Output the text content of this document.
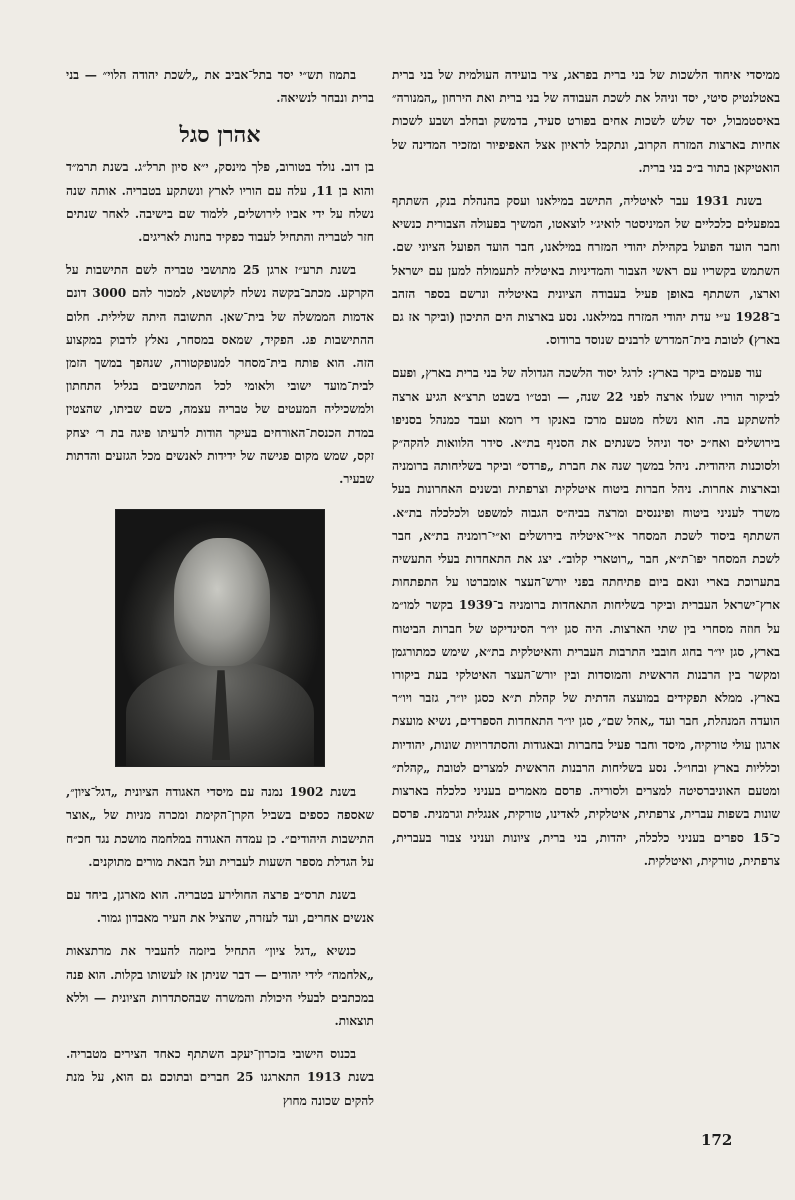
ממיסדי איחוד הלשכות של בני ברית בפראג, ציר בועידה העולמית של בני ברית באטלנטיק סיטי, יסד וניהל את לשכת העבודה של בני ברית ואת הירחון „המנורה״ באיסטמבול, יסד שלש לשכות אחים בפורט סעיד, בדמשק ובחלב ושבע לשכות אחיות בארצות המזרח הקרוב, ונתקבל לראיון אצל האפיפיור ומזכיר המדינה של הואטיקאן בתור ב״כ בני ברית.

בשנת 1931 עבר לאיטליה, התישב במילאנו ועסק בהנהלת בנק, השתתף במפעלים כלכליים של המיניסטר לואיג׳י לוצאטו, המשיך בפעולה הצבורית כנשיא וחבר הועד הפועל בקהילת יהודי המזרח במילאנו, חבר הועד הפועל הציוני שם. השתמש בקשריו עם ראשי הצבור והמדיניות באיטליה לתעמולה למען עם ישראל וארצו, השתתף באופן פעיל בעבודה הציונית באיטליה ונרשם בספר הזהב ב־1928 ע״י עדת יהודי המזרח במילאנו. נסע בארצות הים התיכון (וביקר אז גם בארץ) לטובת בית־המדרש לרבנים שנוסד ברודוס.

עוד פעמים ביקר בארץ: לרגל יסוד הלשכה הגדולה של בני ברית בארץ, ופעם לביקור הוריו שעלו ארצה לפני 22 שנה, — ובט״ו בשבט תרצ״א הגיע ארצה להשתקע בה. הוא נשלח מטעם מרכז באנקו די רומא ועבד כמנהל בסניפו בירושלים ואח״כ יסד וניהל כשנתים את הסניף בת״א. סידר הלוואות להקה״ק ולסוכנות היהודית. ניהל במשך שנה את חברת „פרדס״ וביקר בשליחותה ברומניה ובארצות אחרות. ניהל חברות ביטוח איטלקית וצרפתית ובשנים האחרונות בעל משרד לעניני ביטוח ופיננסים ומרצה בביה״ס הגבוה למשפט ולכלכלה בת״א. השתתף ביסוד לשכת המסחר א״י־איטליה בירושלים וא״י־רומניה בת״א, חבר לשכת המסחר יפו־ת״א, חבר „רוטארי קלוב״. יצג את התאחדות בעלי התעשיה בתערוכת בארי ונאם ביום פתיחתה בפני יורש־העצר אומברטו על התפתחות ארץ־ישראל העברית וביקר בשליחות התאחדות ברומניה ב־1939 בקשר למו״מ על חוזה מסחרי בין שתי הארצות. היה סגן יו״ר הסינדיקט של חברות הביטוח בארץ, סגן יו״ר בחוג חובבי התרבות העברית והאיטלקית בת״א, שימש כמתורגמן ומקשר בין הרבנות הראשית והמוסדות ובין יורש־העצר האיטלקי בעת ביקורו בארץ. ממלא תפקידים במועצה הדתית של קהלת ת״א כסגן יו״ר, גזבר ויו״ר הועדה המנהלת, חבר ועד „אהל שם״, סגן יו״ר התאחדות הספרדים, נשיא מועצת ארגון עולי טורקיה, מיסד וחבר פעיל בחברות ובאגודות והסתדרויות שונות, יהודיות וכלליות בארץ ובחו״ל. נסע בשליחות הרבנות הראשית למצרים לטובת „קהלת״ ומטעם האוניברסיטה למצרים ולסוריה. פרסם מאמרים בעניני כלכלה בארצות שונות בשפות עברית, צרפתית, איטלקית, לאדינו, טורקית, אנגלית וגרמנית. פרסם כ־15 ספרים בעניני כלכלה, יהדות, בני ברית, ציונות ועניני צבור בעברית, צרפתית, טורקית, ואיטלקית.

בתמוז תש״י יסד בתל־אביב את „לשכת יהודה הלוי״ — בני ברית ונבחר לנשיאה.

אהרן סגל

בן דוב. נולד בטורוב, פלך מינסק, י״א סיון תרל״ג. בשנת תרמ״ד והוא בן 11, עלה עם הוריו לארץ ונשתקע בטבריה. אותה שנה נשלח על ידי אביו לירושלים, ללמוד שם בישיבה. לאחר שנתים חזר לטבריה והתחיל לעבוד כפקיד בחנות לאריגים.

בשנת תרע״ז ארגן 25 מתושבי טבריה לשם התישבות על הקרקע. מכתב־בקשה נשלח לקושטא, למכור להם 3000 דונם אדמות הממשלה של בית־שאן. התשובה היתה שלילית. חלום ההתישבות פג. הפקיד, שמאס במסחר, נאלץ לדבוק במקצוע הזה. הוא פותח בית־מסחר למנופקטורה, שנהפך במשך הזמן לבית־מועד ישובי ולאומי לכל המתישבים בגליל התחתון ולמשכיליה המעטים של טבריה עצמה, כשם שביתו, שהצטין במדת הכנסת־האורחים בעיקר הודות לרעיתו פיגה בת ר׳ יצחק זקס, שמש מקום פגישה של ידידות לאנשים מכל הגזעים והדתות שבעיר.

בשנת 1902 נמנה עם מיסדי האגודה הציונית „דגל־ציון״, שאספה כספים בשביל הקרן־הקימת ומכרה מניות של „אוצר התישבות היהודים״. כן עמדה האגודה במלחמה מושכת נגד חכ״ח על הגדלת מספר השעות לעברית ועל הבאת מורים מתוקנים.

בשנת תרס״ב פרצה החולירע בטבריה. הוא מארגן, ביחד עם אנשים אחרים, ועד לעזרה, שהציל את העיר מאבדון גמור.

כנשיא „דגל ציון״ התחיל ביזמה להעביר את מרתצאות „אלחמה״ לידי יהודים — דבר שניתן אז לעשותו בקלות. הוא פנה במכתבים לבעלי היכולת והמשרה שבהסתדרות הציונית — וללא תוצאות.

בכנוס הישובי בזכרון־יעקב השתתף כאחד הצירים מטבריה. בשנת 1913 התארגנו 25 חברים ובתוכם גם הוא, על מנת להקים שכונה מחוץ

172
